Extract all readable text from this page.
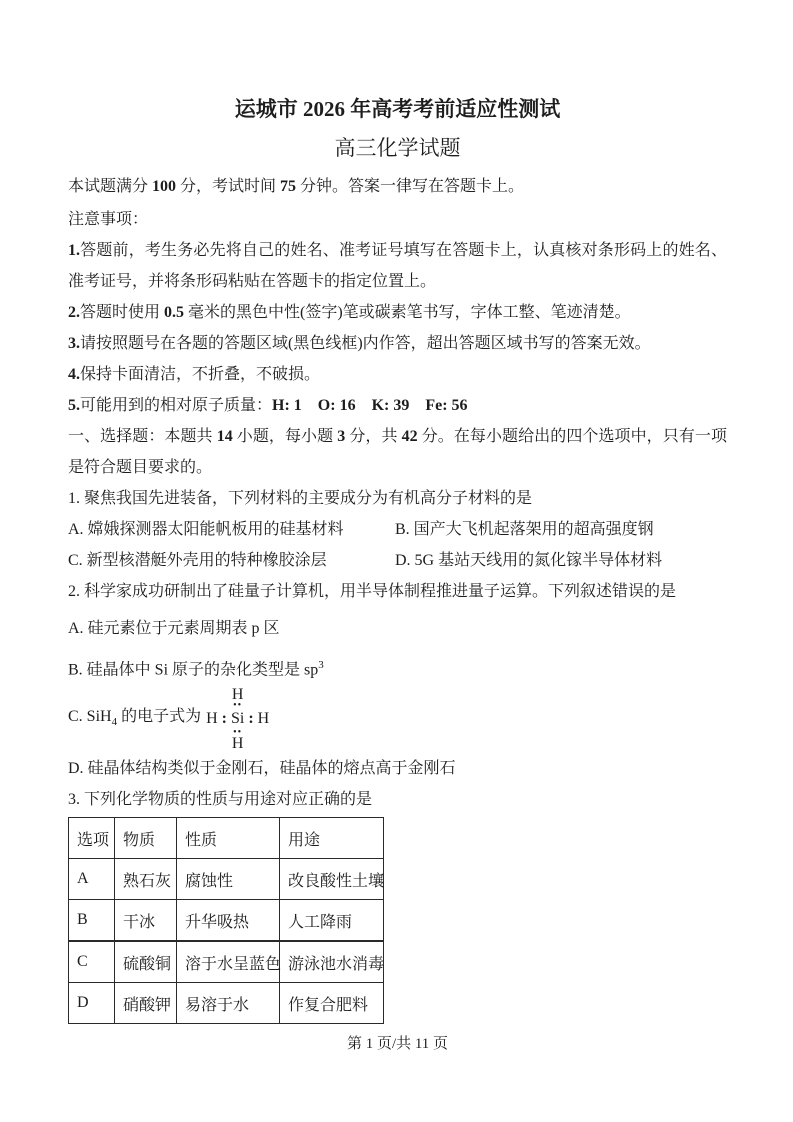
运城市 2026 年高考考前适应性测试
高三化学试题

本试题满分 100 分，考试时间 75 分钟。答案一律写在答题卡上。

注意事项：

1.答题前，考生务必先将自己的姓名、准考证号填写在答题卡上，认真核对条形码上的姓名、准考证号，并将条形码粘贴在答题卡的指定位置上。

2.答题时使用 0.5 毫米的黑色中性(签字)笔或碳素笔书写，字体工整、笔迹清楚。

3.请按照题号在各题的答题区域(黑色线框)内作答，超出答题区域书写的答案无效。

4.保持卡面清洁，不折叠，不破损。

5.可能用到的相对原子质量：H: 1　O: 16　K: 39　Fe: 56

一、选择题：本题共 14 小题，每小题 3 分，共 42 分。在每小题给出的四个选项中，只有一项是符合题目要求的。

1. 聚焦我国先进装备，下列材料的主要成分为有机高分子材料的是

A. 嫦娥探测器太阳能帆板用的硅基材料	B. 国产大飞机起落架用的超高强度钢

C. 新型核潜艇外壳用的特种橡胶涂层	D. 5G 基站天线用的氮化镓半导体材料

2. 科学家成功研制出了硅量子计算机，用半导体制程推进量子运算。下列叙述错误的是

A. 硅元素位于元素周期表 p 区

B. 硅晶体中 Si 原子的杂化类型是 $sp^3$

C. SiH$_4$ 的电子式为
H
••
H : Si : H
••
H

D. 硅晶体结构类似于金刚石，硅晶体的熔点高于金刚石

3. 下列化学物质的性质与用途对应正确的是

选项	物质	性质	用途
A	熟石灰	腐蚀性	改良酸性土壤
B	干冰	升华吸热	人工降雨
C	硫酸铜	溶于水呈蓝色	游泳池水消毒
D	硝酸钾	易溶于水	作复合肥料
第 1 页/共 11 页
